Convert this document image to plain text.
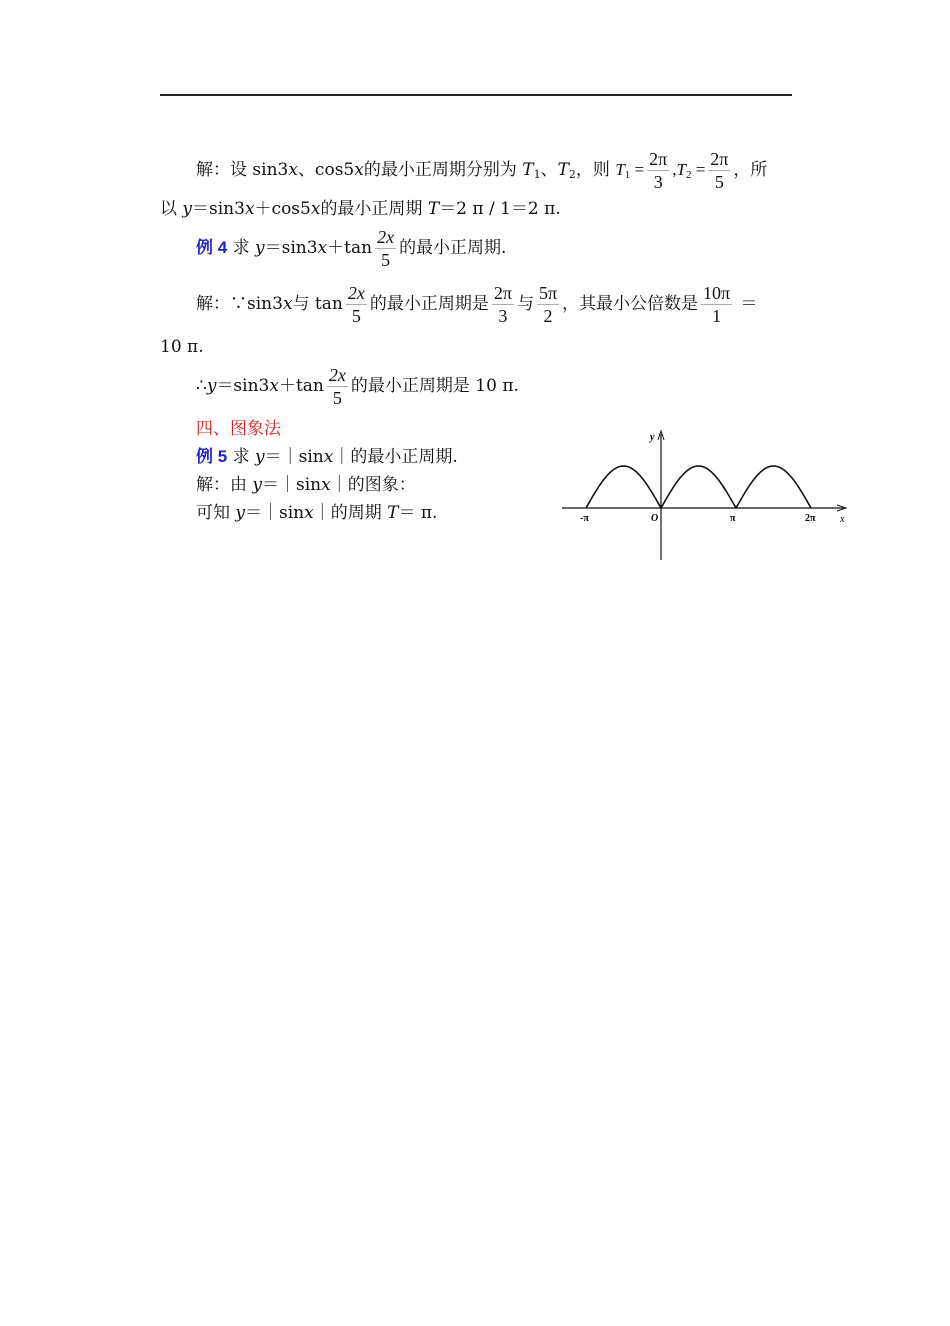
解：设 sin3x、cos5x的最小正周期分别为 $T_1$、$T_2$，则 $T_1 = \frac{2\pi}{3} ,T_2 = \frac{2\pi}{5}$ ，所
以 y＝sin3x＋cos5x的最小正周期 T＝2 π / 1＝2 π.
例 4 求 $y=\sin 3x+\tan \frac{2x}{5}$ 的最小正周期.
解：∵sin3x与 $\tan \frac{2x}{5}$ 的最小正周期是 $\frac{2\pi}{3}$ 与 $\frac{5\pi}{2}$ ，其最小公倍数是 $\frac{10\pi}{1}$ ＝
10 π.
∴y＝sin3x＋tan $\frac{2x}{5}$ 的最小正周期是 10 π.
四、图象法
例 5 求 y＝｜sinx｜的最小正周期.
解：由 y＝｜sinx｜的图象：
可知 y＝｜sinx｜的周期 T＝ π.
y
x
-π	O	π	2π
